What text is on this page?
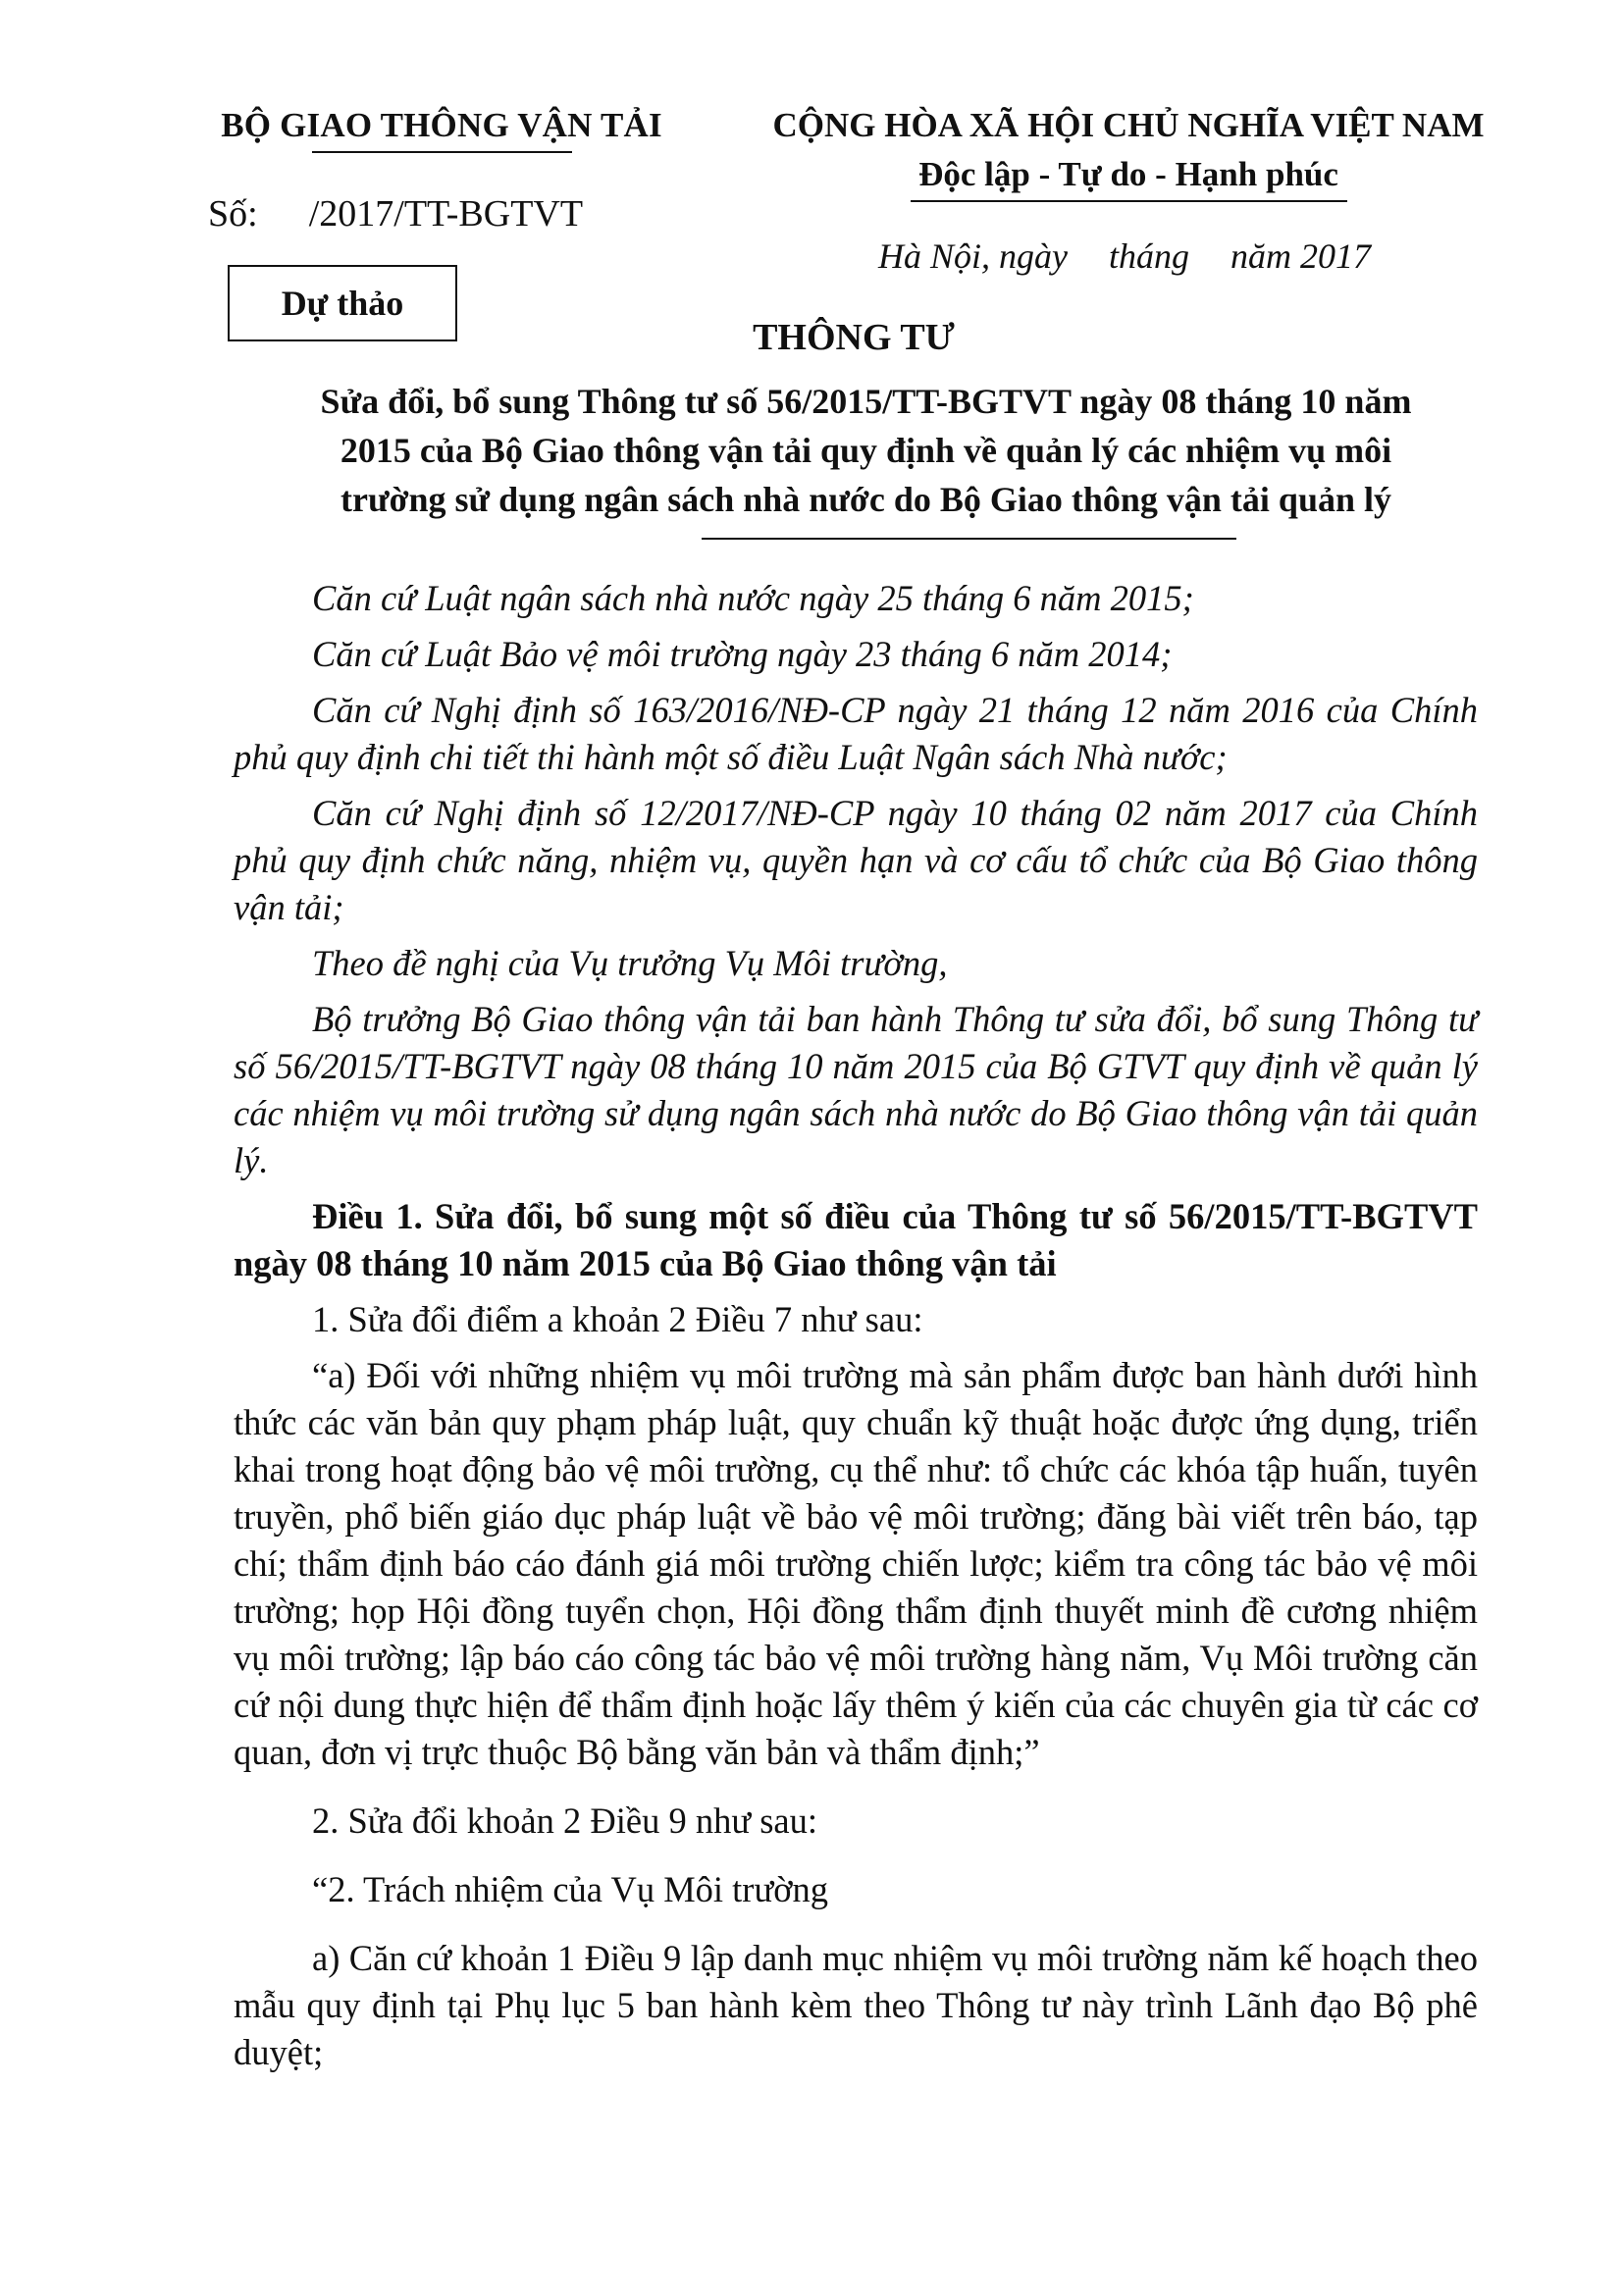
BỘ GIAO THÔNG VẬN TẢI	CỘNG HÒA XÃ HỘI CHỦ NGHĨA VIỆT NAM
Độc lập - Tự do - Hạnh phúc
Số: /2017/TT-BGTVT
Hà Nội, ngày tháng năm 2017
Dự thảo
THÔNG TƯ
Sửa đổi, bổ sung Thông tư số 56/2015/TT-BGTVT ngày 08 tháng 10 năm
2015 của Bộ Giao thông vận tải quy định về quản lý các nhiệm vụ môi
trường sử dụng ngân sách nhà nước do Bộ Giao thông vận tải quản lý

Căn cứ Luật ngân sách nhà nước ngày 25 tháng 6 năm 2015;

Căn cứ Luật Bảo vệ môi trường ngày 23 tháng 6 năm 2014;

Căn cứ Nghị định số 163/2016/NĐ-CP ngày 21 tháng 12 năm 2016 của Chính phủ quy định chi tiết thi hành một số điều Luật Ngân sách Nhà nước;

Căn cứ Nghị định số 12/2017/NĐ-CP ngày 10 tháng 02 năm 2017 của Chính phủ quy định chức năng, nhiệm vụ, quyền hạn và cơ cấu tổ chức của Bộ Giao thông vận tải;

Theo đề nghị của Vụ trưởng Vụ Môi trường,

Bộ trưởng Bộ Giao thông vận tải ban hành Thông tư sửa đổi, bổ sung Thông tư số 56/2015/TT-BGTVT ngày 08 tháng 10 năm 2015 của Bộ GTVT quy định về quản lý các nhiệm vụ môi trường sử dụng ngân sách nhà nước do Bộ Giao thông vận tải quản lý.

Điều 1. Sửa đổi, bổ sung một số điều của Thông tư số 56/2015/TT-BGTVT ngày 08 tháng 10 năm 2015 của Bộ Giao thông vận tải

1. Sửa đổi điểm a khoản 2 Điều 7 như sau:

“a) Đối với những nhiệm vụ môi trường mà sản phẩm được ban hành dưới hình thức các văn bản quy phạm pháp luật, quy chuẩn kỹ thuật hoặc được ứng dụng, triển khai trong hoạt động bảo vệ môi trường, cụ thể như: tổ chức các khóa tập huấn, tuyên truyền, phổ biến giáo dục pháp luật về bảo vệ môi trường; đăng bài viết trên báo, tạp chí; thẩm định báo cáo đánh giá môi trường chiến lược; kiểm tra công tác bảo vệ môi trường; họp Hội đồng tuyển chọn, Hội đồng thẩm định thuyết minh đề cương nhiệm vụ môi trường; lập báo cáo công tác bảo vệ môi trường hàng năm, Vụ Môi trường căn cứ nội dung thực hiện để thẩm định hoặc lấy thêm ý kiến của các chuyên gia từ các cơ quan, đơn vị trực thuộc Bộ bằng văn bản và thẩm định;”

2. Sửa đổi khoản 2 Điều 9 như sau:

“2. Trách nhiệm của Vụ Môi trường

a) Căn cứ khoản 1 Điều 9 lập danh mục nhiệm vụ môi trường năm kế hoạch theo mẫu quy định tại Phụ lục 5 ban hành kèm theo Thông tư này trình Lãnh đạo Bộ phê duyệt;
